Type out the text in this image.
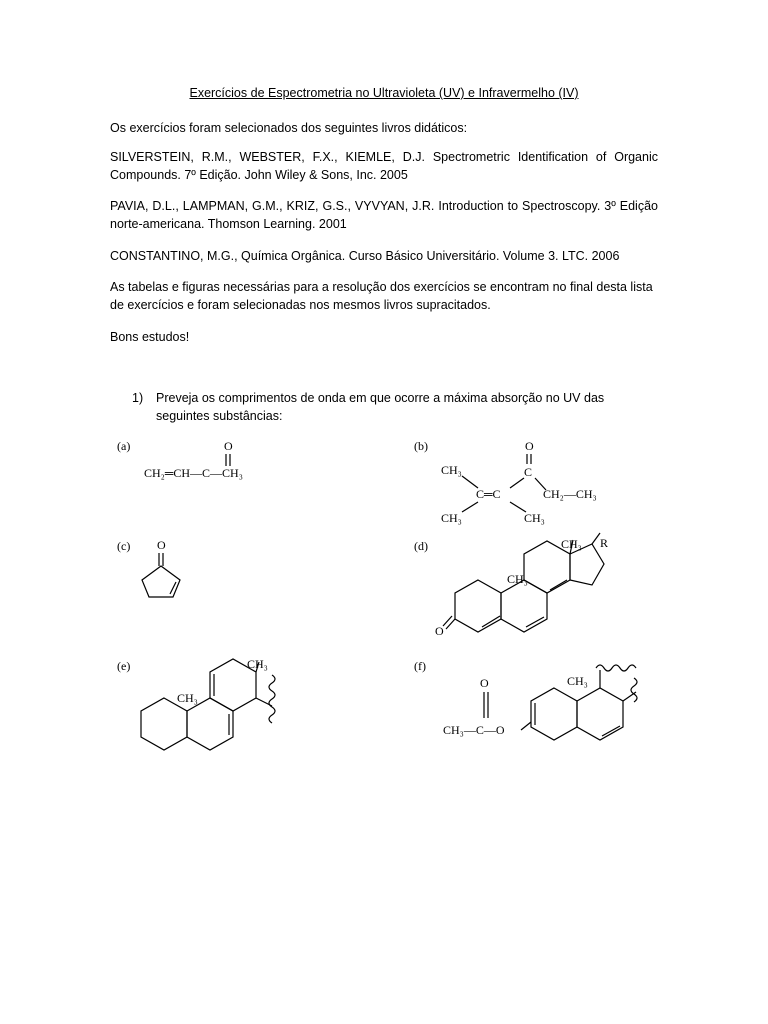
Exercícios de Espectrometria no Ultravioleta (UV) e Infravermelho (IV)
Os exercícios foram selecionados dos seguintes livros didáticos:
SILVERSTEIN, R.M., WEBSTER, F.X., KIEMLE, D.J. Spectrometric Identification of Organic Compounds. 7º Edição. John Wiley & Sons, Inc. 2005
PAVIA, D.L., LAMPMAN, G.M., KRIZ, G.S., VYVYAN, J.R. Introduction to Spectroscopy. 3º Edição norte-americana. Thomson Learning. 2001
CONSTANTINO, M.G., Química Orgânica. Curso Básico Universitário. Volume 3. LTC. 2006
As tabelas e figuras necessárias para a resolução dos exercícios se encontram no final desta lista de exercícios e foram selecionadas nos mesmos livros supracitados.
Bons estudos!
1) Preveja os comprimentos de onda em que ocorre a máxima absorção no UV das seguintes substâncias:
(a)	O
CH₂═CH—C—CH₃
(b)	O
C
CH₃
C═C	CH₂—CH₃
CH₃	CH₃
(c) O	(d)
O
CH₃ R
CH₃
(e)	CH₃
CH₃
(f)
O
CH₃—C—O
CH₃
